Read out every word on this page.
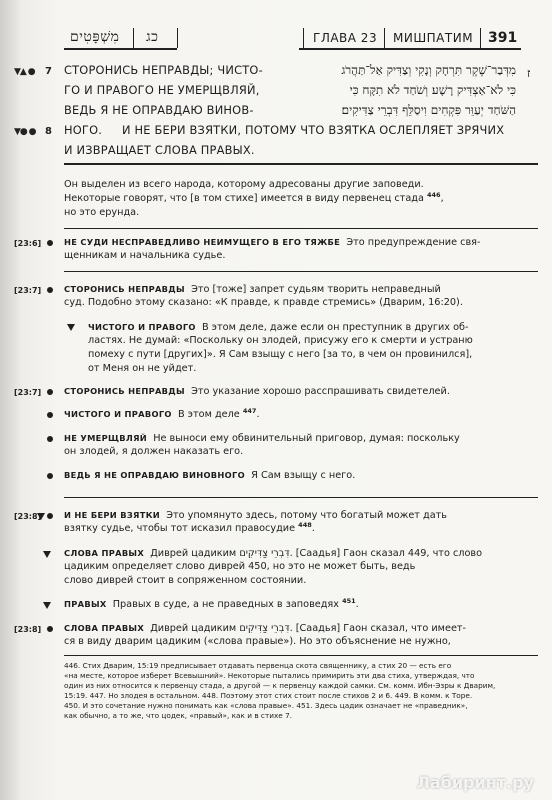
מִשְׁפָּטִים כג	ГЛАВА 23 МИШПАТИМ 391
▼▲ ● 7 СТОРОНИСЬ НЕПРАВДЫ; ЧИСТО-
ГО И ПРАВОГО НЕ УМЕРЩВЛЯЙ,
ВЕДЬ Я НЕ ОПРАВДАЮ ВИНОВ-
НОГО.
מִדְּבַר־שֶׁקֶר תִּרְחָק וְנָקִי וְצַדִּיק אַל־תַּהֲרֹג
כִּי לֹא־אַצְדִּיק רָשָׁע׃ וְשֹׁחַד לֹא תִקָּח כִּי
הַשֹּׁחַד יְעַוֵּר פִּקְחִים וִיסַלֵּף דִּבְרֵי צַדִּיקִים׃
ז
▼● ● 8	И НЕ БЕРИ ВЗЯТКИ, ПОТОМУ ЧТО ВЗЯТКА ОСЛЕПЛЯЕТ ЗРЯЧИХ
И ИЗВРАЩАЕТ СЛОВА ПРАВЫХ.
Он выделен из всего народа, которому адресованы другие заповеди.
Некоторые говорят, что [в том стихе] имеется в виду первенец стада $^{446}$,
но это ерунда.
[23:6]	НЕ СУДИ НЕСПРАВЕДЛИВО НЕИМУЩЕГО В ЕГО ТЯЖБЕ Это предупреждение свя-
щенникам и начальника судье.
[23:7]	СТОРОНИСЬ НЕПРАВДЫ Это [тоже] запрет судьям творить неправедный
суд. Подобно этому сказано: «К правде, к правде стремись» (Дварим, 16:20).
ЧИСТОГО И ПРАВОГО В этом деле, даже если он преступник в других об-
ластях. Не думай: «Поскольку он злодей, присужу его к смерти и устраню
помеху с пути [других]». Я Сам взыщу с него [за то, в чем он провинился],
от Меня он не уйдет.
[23:7]	СТОРОНИСЬ НЕПРАВДЫ Это указание хорошо расспрашивать свидетелей.
ЧИСТОГО И ПРАВОГО В этом деле $^{447}$.
НЕ УМЕРЩВЛЯЙ Не выноси ему обвинительный приговор, думая: поскольку
он злодей, я должен наказать его.
ВЕДЬ Я НЕ ОПРАВДАЮ ВИНОВНОГО Я Сам взыщу с него.
[23:8]	И НЕ БЕРИ ВЗЯТКИ Это упомянуто здесь, потому что богатый может дать
взятку судье, чтобы тот исказил правосудие $^{448}$.
СЛОВА ПРАВЫХ Диврей цадиким דִּבְרֵי צַדִּיקִים. [Саадья] Гаон сказал 449, что слово
цадиким определяет слово диврей 450, но это не может быть, ведь
слово диврей стоит в сопряженном состоянии.
ПРАВЫХ Правых в суде, а не праведных в заповедях $^{451}$.
[23:8]	СЛОВА ПРАВЫХ Диврей цадиким דִּבְרֵי צַדִּיקִים. [Саадья] Гаон сказал, что имеет-
ся в виду дварим цадиким («слова правые»). Но это объяснение не нужно,
446. Стих Дварим, 15:19 предписывает отдавать первенца скота священнику, а стих 20 — есть его
«на месте, которое изберет Всевышний». Некоторые пытались примирить эти два стиха, утверждая, что
один из них относится к первенцу стада, а другой — к первенцу каждой самки. См. комм. Ибн-Эзры к Дварим,
15:19. 447. Но злодея в остальном. 448. Поэтому этот стих стоит после стихов 2 и 6. 449. В комм. к Торе.
450. И это сочетание нужно понимать как «слова правые». 451. Здесь цадик означает не «праведник»,
как обычно, а то же, что цодек, «правый», как и в стихе 7.
Лабиринт.ру
